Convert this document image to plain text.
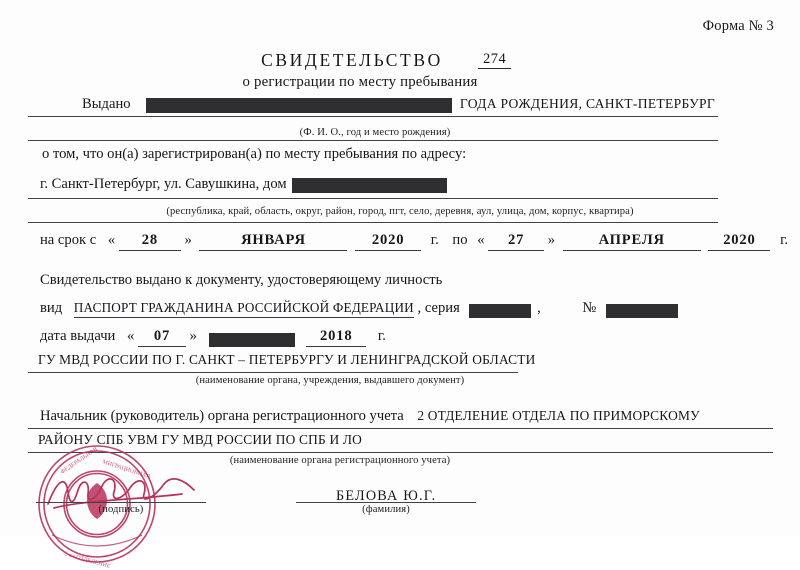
Форма № 3
СВИДЕТЕЛЬСТВО	274
о регистрации по месту пребывания
Выдано	ГОДА РОЖДЕНИЯ, САНКТ-ПЕТЕРБУРГ
(Ф. И. О., год и место рождения)
о том, что он(а) зарегистрирован(а) по месту пребывания по адресу:
г. Санкт-Петербург, ул. Савушкина, дом
(республика, край, область, округ, район, город, пгт, село, деревня, аул, улица, дом, корпус, квартира)
на срок с « 28 »	ЯНВАРЯ	2020 г. по « 27 »	АПРЕЛЯ	2020 г.
Свидетельство выдано к документу, удостоверяющему личность
вид ПАСПОРТ ГРАЖДАНИНА РОССИЙСКОЙ ФЕДЕРАЦИИ , серия	,	№
дата выдачи « 07 »	2018 г.
ГУ МВД РОССИИ ПО Г. САНКТ – ПЕТЕРБУРГУ И ЛЕНИНГРАДСКОЙ ОБЛАСТИ
(наименование органа, учреждения, выдавшего документ)
Начальник (руководитель) органа регистрационного учета 2 ОТДЕЛЕНИЕ ОТДЕЛА ПО ПРИМОРСКОМУ
РАЙОНУ СПБ УВМ ГУ МВД РОССИИ ПО СПБ И ЛО
(наименование органа регистрационного учета)
ФЕДЕРАЛЬНАЯ МИГРАЦИОННАЯ
2-ое ОТДЕЛЕНИЕ
(подпись)
БЕЛОВА Ю.Г.
(фамилия)
